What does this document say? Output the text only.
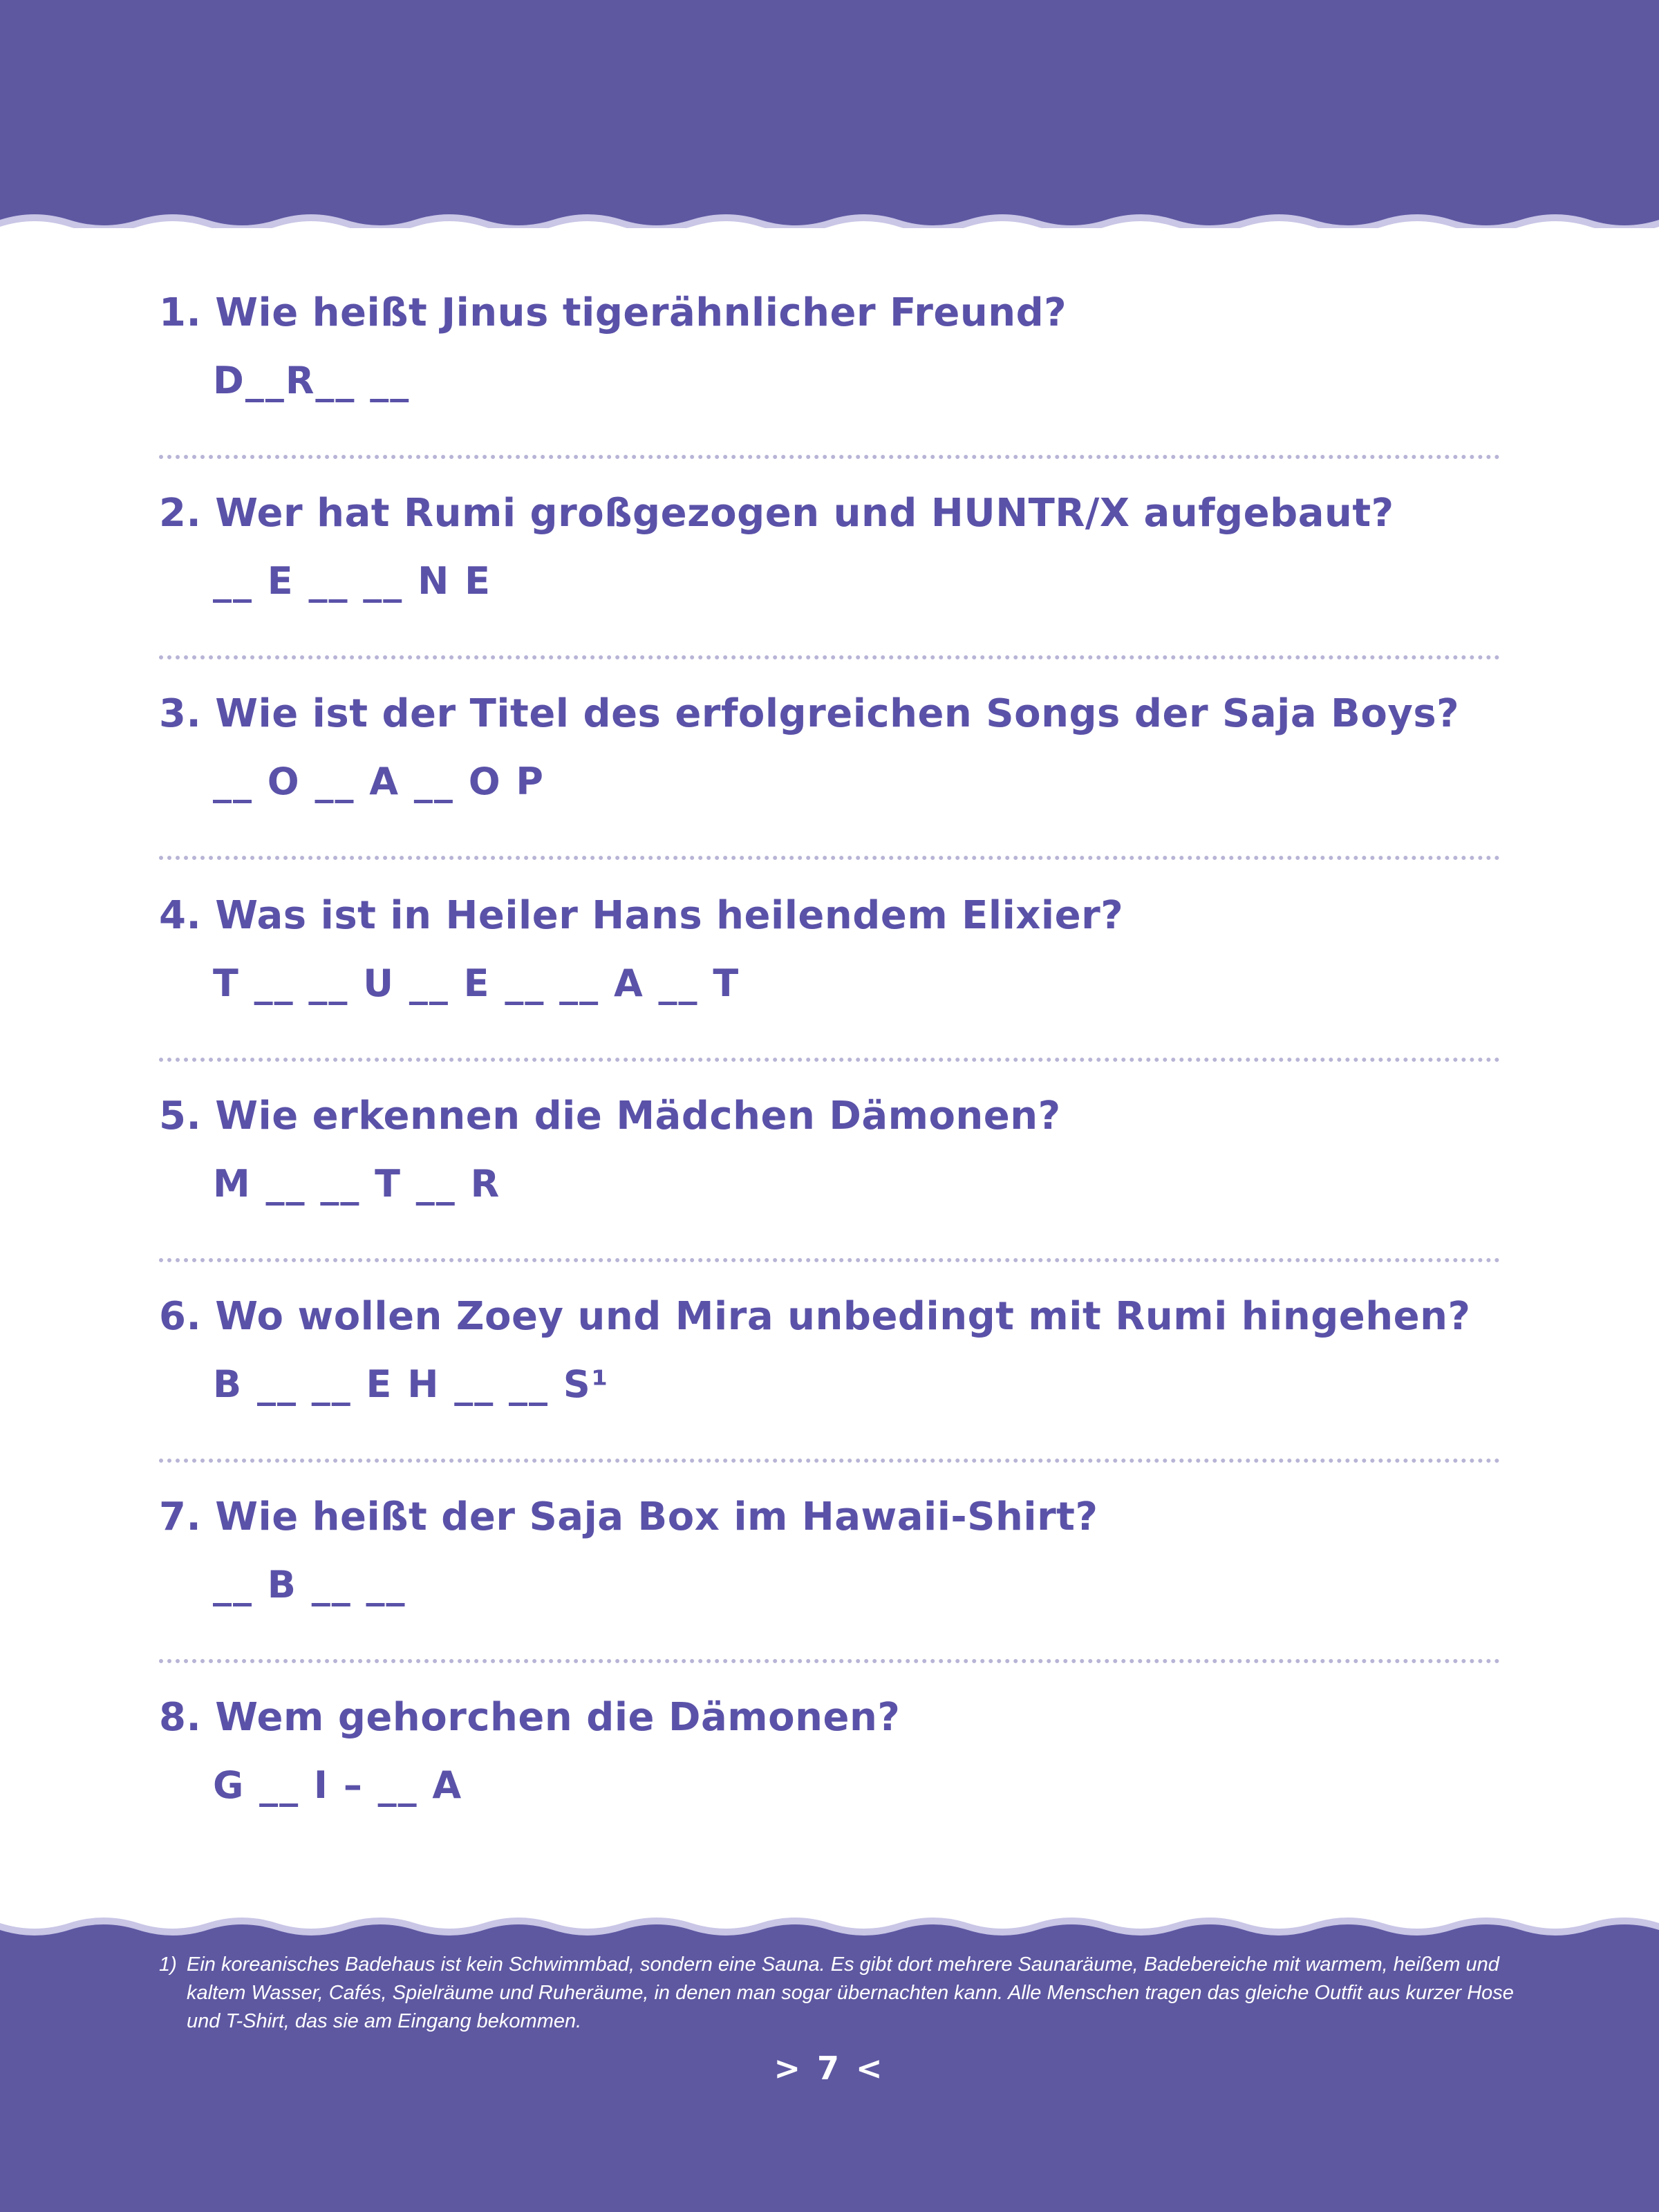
1. Wie heißt Jinus tigerähnlicher Freund?
D__R__ __
2. Wer hat Rumi großgezogen und HUNTR/X aufgebaut?
__ E __ __ N E
3. Wie ist der Titel des erfolgreichen Songs der Saja Boys?
__ O __ A __ O P
4. Was ist in Heiler Hans heilendem Elixier?
T __ __ U __ E __ __ A __ T
5. Wie erkennen die Mädchen Dämonen?
M __ __ T __ R
6. Wo wollen Zoey und Mira unbedingt mit Rumi hingehen?
B __ __ E H __ __ S¹
7. Wie heißt der Saja Box im Hawaii-Shirt?
__ B __ __
8. Wem gehorchen die Dämonen?
G __ I – __ A
1) Ein koreanisches Badehaus ist kein Schwimmbad, sondern eine Sauna. Es gibt dort mehrere Saunaräume, Badebereiche mit warmem, heißem und kaltem Wasser, Cafés, Spielräume und Ruheräume, in denen man sogar übernachten kann. Alle Menschen tragen das gleiche Outfit aus kurzer Hose und T-Shirt, das sie am Eingang bekommen.
> 7 <
